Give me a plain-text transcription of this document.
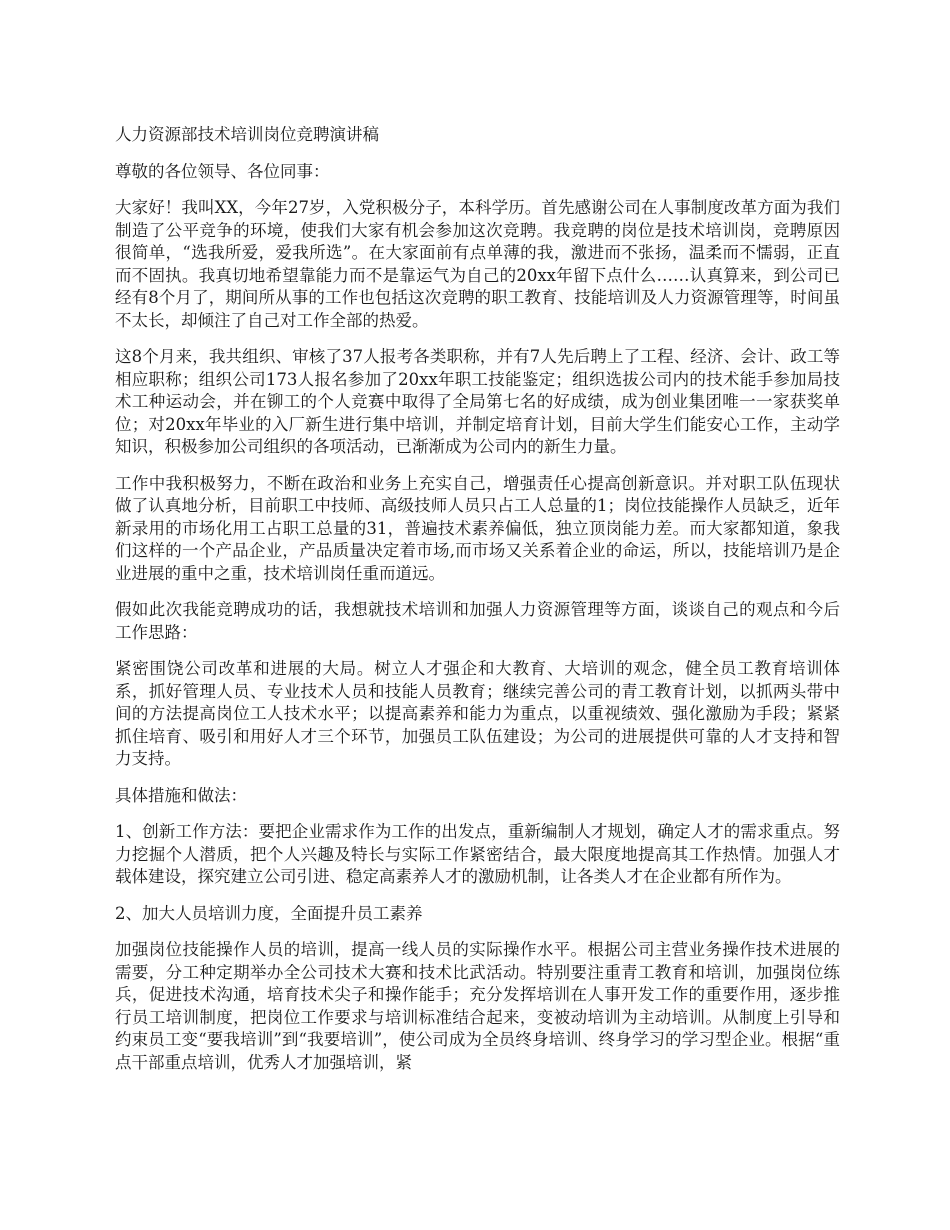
人力资源部技术培训岗位竞聘演讲稿

尊敬的各位领导、各位同事：

大家好！我叫XX，今年27岁，入党积极分子，本科学历。首先感谢公司在人事制度改革方面为我们制造了公平竞争的环境，使我们大家有机会参加这次竞聘。我竞聘的岗位是技术培训岗，竞聘原因很简单，“选我所爱，爱我所选”。在大家面前有点单薄的我，激进而不张扬，温柔而不懦弱，正直而不固执。我真切地希望靠能力而不是靠运气为自己的20xx年留下点什么……认真算来，到公司已经有8个月了，期间所从事的工作也包括这次竞聘的职工教育、技能培训及人力资源管理等，时间虽不太长，却倾注了自己对工作全部的热爱。

这8个月来，我共组织、审核了37人报考各类职称，并有7人先后聘上了工程、经济、会计、政工等相应职称；组织公司173人报名参加了20xx年职工技能鉴定；组织选拔公司内的技术能手参加局技术工种运动会，并在铆工的个人竞赛中取得了全局第七名的好成绩，成为创业集团唯一一家获奖单位；对20xx年毕业的入厂新生进行集中培训，并制定培育计划，目前大学生们能安心工作，主动学知识，积极参加公司组织的各项活动，已渐渐成为公司内的新生力量。

工作中我积极努力，不断在政治和业务上充实自己，增强责任心提高创新意识。并对职工队伍现状做了认真地分析，目前职工中技师、高级技师人员只占工人总量的1；岗位技能操作人员缺乏，近年新录用的市场化用工占职工总量的31，普遍技术素养偏低，独立顶岗能力差。而大家都知道，象我们这样的一个产品企业，产品质量决定着市场,而市场又关系着企业的命运，所以，技能培训乃是企业进展的重中之重，技术培训岗任重而道远。

假如此次我能竞聘成功的话，我想就技术培训和加强人力资源管理等方面，谈谈自己的观点和今后工作思路：

紧密围饶公司改革和进展的大局。树立人才强企和大教育、大培训的观念，健全员工教育培训体系，抓好管理人员、专业技术人员和技能人员教育；继续完善公司的青工教育计划，以抓两头带中间的方法提高岗位工人技术水平；以提高素养和能力为重点，以重视绩效、强化激励为手段；紧紧抓住培育、吸引和用好人才三个环节，加强员工队伍建设；为公司的进展提供可靠的人才支持和智力支持。

具体措施和做法：

1、创新工作方法：要把企业需求作为工作的出发点，重新编制人才规划，确定人才的需求重点。努力挖掘个人潜质，把个人兴趣及特长与实际工作紧密结合，最大限度地提高其工作热情。加强人才载体建设，探究建立公司引进、稳定高素养人才的激励机制，让各类人才在企业都有所作为。

2、加大人员培训力度，全面提升员工素养

加强岗位技能操作人员的培训，提高一线人员的实际操作水平。根据公司主营业务操作技术进展的需要，分工种定期举办全公司技术大赛和技术比武活动。特别要注重青工教育和培训，加强岗位练兵，促进技术沟通，培育技术尖子和操作能手；充分发挥培训在人事开发工作的重要作用，逐步推行员工培训制度，把岗位工作要求与培训标准结合起来，变被动培训为主动培训。从制度上引导和约束员工变“要我培训”到“我要培训”，使公司成为全员终身培训、终身学习的学习型企业。根据“重点干部重点培训，优秀人才加强培训，紧
